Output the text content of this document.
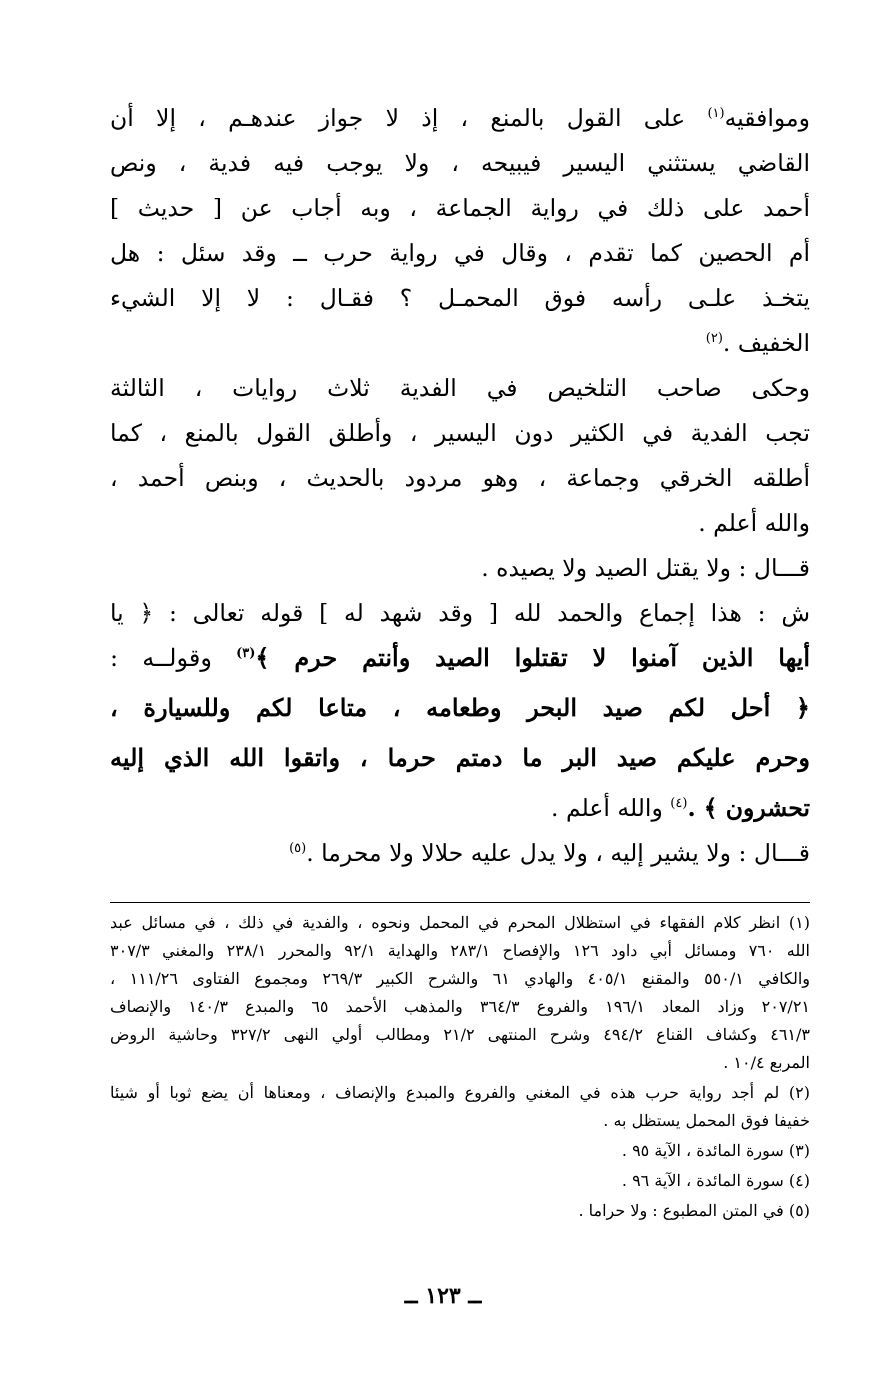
وموافقيه$^{(١)}$ على القول بالمنع ، إذ لا جواز عندهـم ، إلا أن
القاضي يستثني اليسير فيبيحه ، ولا يوجب فيه فدية ، ونص
أحمد على ذلك في رواية الجماعة ، وبه أجاب عن [ حديث ]
أم الحصين كما تقدم ، وقال في رواية حرب ــ وقد سئل : هل
يتخـذ علـى رأسه فوق المحمـل ؟ فقـال : لا إلا الشيء
الخفيف .$^{(٢)}$
وحكى صاحب التلخيص في الفدية ثلاث روايات ، الثالثة
تجب الفدية في الكثير دون اليسير ، وأطلق القول بالمنع ، كما
أطلقه الخرقي وجماعة ، وهو مردود بالحديث ، وبنص أحمد ،
والله أعلم .
قـــال : ولا يقتل الصيد ولا يصيده .
ش : هذا إجماع والحمد لله [ وقد شهد له ] قوله تعالى : ﴿ يا
أيها الذين آمنوا لا تقتلوا الصيد وأنتم حرم ﴾$^{(٣)}$ وقولــه :
﴿ أحل لكم صيد البحر وطعامه ، متاعا لكم وللسيارة ،
وحرم عليكم صيد البر ما دمتم حرما ، واتقوا الله الذي إليه
تحشرون ﴾ .$^{(٤)}$ والله أعلم .
قـــال : ولا يشير إليه ، ولا يدل عليه حلالا ولا محرما .$^{(٥)}$
(١) انظر كلام الفقهاء في استظلال المحرم في المحمل ونحوه ، والفدية في ذلك ، في مسائل عبد
الله ٧٦٠ ومسائل أبي داود ١٢٦ والإفصاح ٢٨٣/١ والهداية ٩٢/١ والمحرر ٢٣٨/١ والمغني ٣٠٧/٣
والكافي ٥٥٠/١ والمقنع ٤٠٥/١ والهادي ٦١ والشرح الكبير ٢٦٩/٣ ومجموع الفتاوى ١١١/٢٦ ،
٢٠٧/٢١ وزاد المعاد ١٩٦/١ والفروع ٣٦٤/٣ والمذهب الأحمد ٦٥ والمبدع ١٤٠/٣ والإنصاف
٤٦١/٣ وكشاف القناع ٤٩٤/٢ وشرح المنتهى ٢١/٢ ومطالب أولي النهى ٣٢٧/٢ وحاشية الروض
المربع ١٠/٤ .
(٢) لم أجد رواية حرب هذه في المغني والفروع والمبدع والإنصاف ، ومعناها أن يضع ثوبا أو شيئا
خفيفا فوق المحمل يستظل به .
(٣) سورة المائدة ، الآية ٩٥ .
(٤) سورة المائدة ، الآية ٩٦ .
(٥) في المتن المطبوع : ولا حراما .
ــ ١٢٣ ــ
